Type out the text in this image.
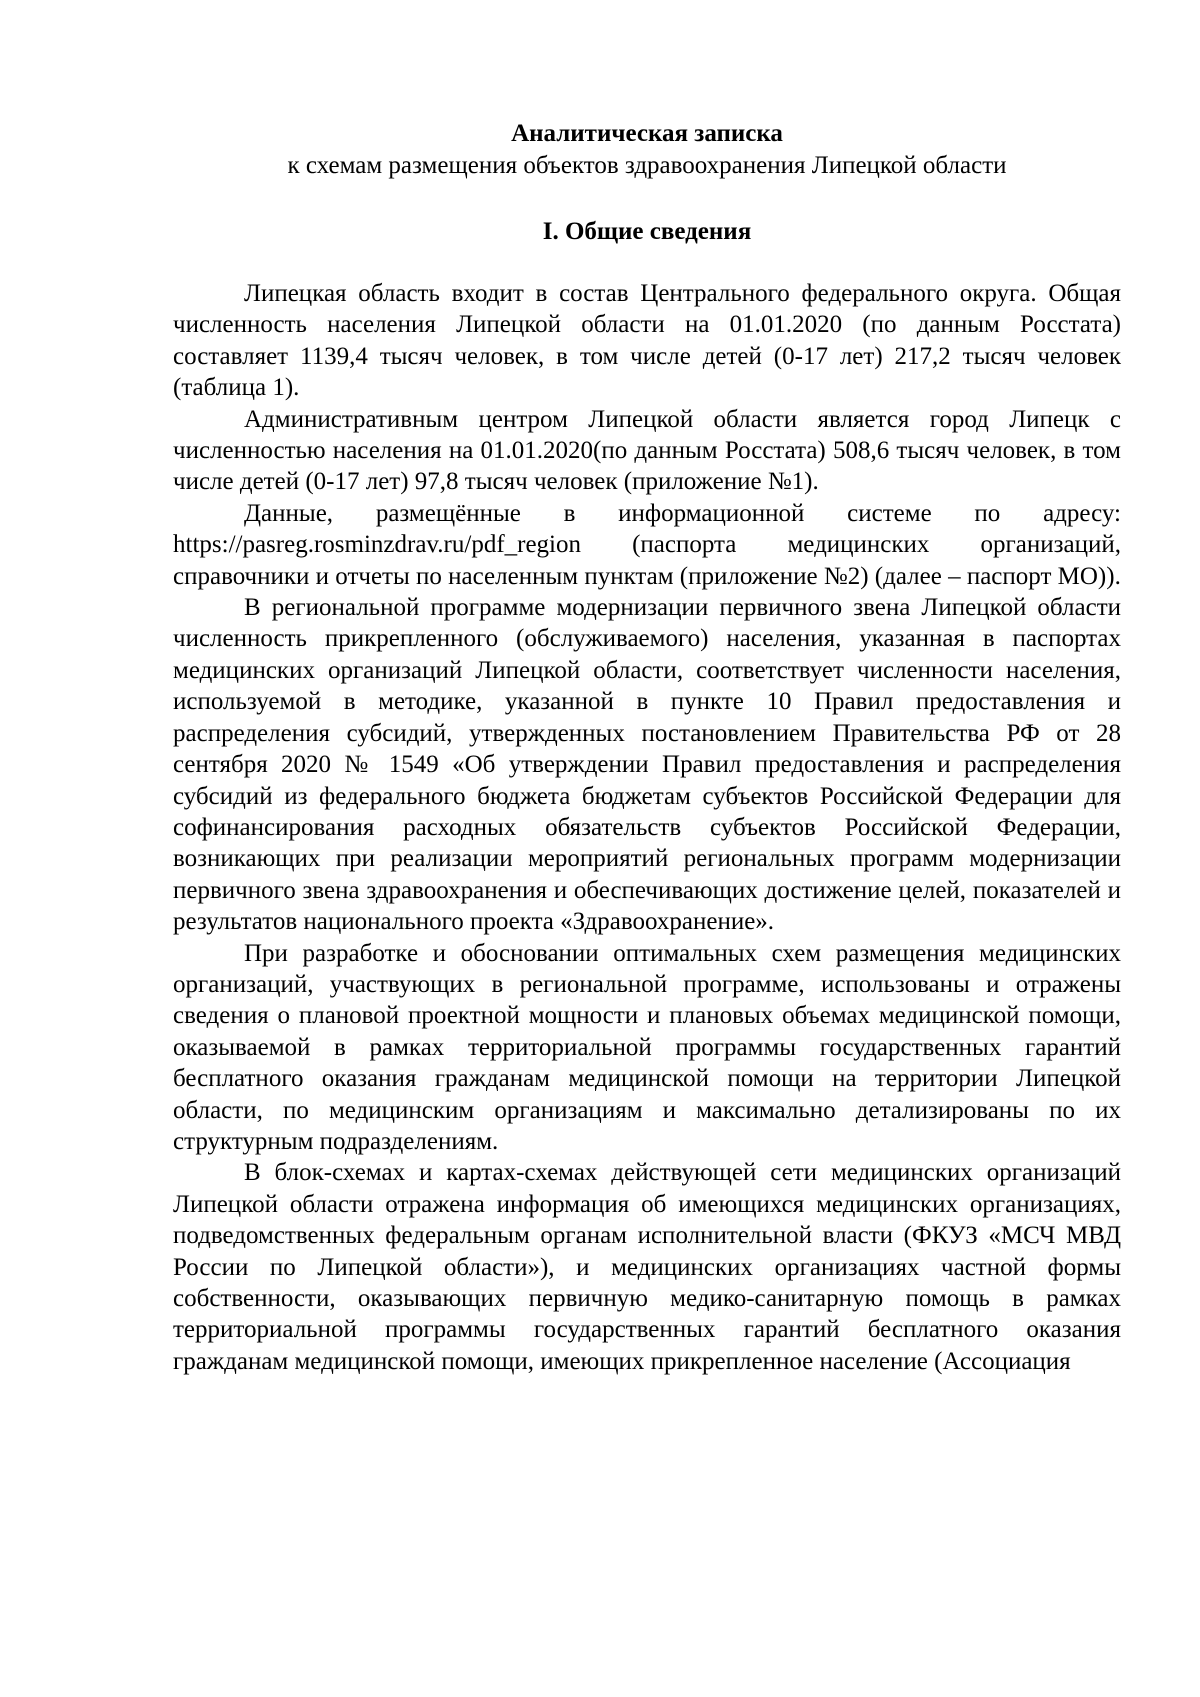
Аналитическая записка
к схемам размещения объектов здравоохранения Липецкой области
I. Общие сведения

Липецкая область входит в состав Центрального федерального округа. Общая численность населения Липецкой области на 01.01.2020 (по данным Росстата) составляет 1139,4 тысяч человек, в том числе детей (0-17 лет) 217,2 тысяч человек (таблица 1).

Административным центром Липецкой области является город Липецк с численностью населения на 01.01.2020(по данным Росстата) 508,6 тысяч человек, в том числе детей (0-17 лет) 97,8 тысяч человек (приложение №1).

Данные, размещённые в информационной системе по адресу: https://pasreg.rosminzdrav.ru/pdf_region (паспорта медицинских организаций, справочники и отчеты по населенным пунктам (приложение №2) (далее – паспорт МО)).

В региональной программе модернизации первичного звена Липецкой области численность прикрепленного (обслуживаемого) населения, указанная в паспортах медицинских организаций Липецкой области, соответствует численности населения, используемой в методике, указанной в пункте 10 Правил предоставления и распределения субсидий, утвержденных постановлением Правительства РФ от 28 сентября 2020 № 1549 «Об утверждении Правил предоставления и распределения субсидий из федерального бюджета бюджетам субъектов Российской Федерации для софинансирования расходных обязательств субъектов Российской Федерации, возникающих при реализации мероприятий региональных программ модернизации первичного звена здравоохранения и обеспечивающих достижение целей, показателей и результатов национального проекта «Здравоохранение».

При разработке и обосновании оптимальных схем размещения медицинских организаций, участвующих в региональной программе, использованы и отражены сведения о плановой проектной мощности и плановых объемах медицинской помощи, оказываемой в рамках территориальной программы государственных гарантий бесплатного оказания гражданам медицинской помощи на территории Липецкой области, по медицинским организациям и максимально детализированы по их структурным подразделениям.

В блок-схемах и картах-схемах действующей сети медицинских организаций Липецкой области отражена информация об имеющихся медицинских организациях, подведомственных федеральным органам исполнительной власти (ФКУЗ «МСЧ МВД России по Липецкой области»), и медицинских организациях частной формы собственности, оказывающих первичную медико-санитарную помощь в рамках территориальной программы государственных гарантий бесплатного оказания гражданам медицинской помощи, имеющих прикрепленное население (Ассоциация
